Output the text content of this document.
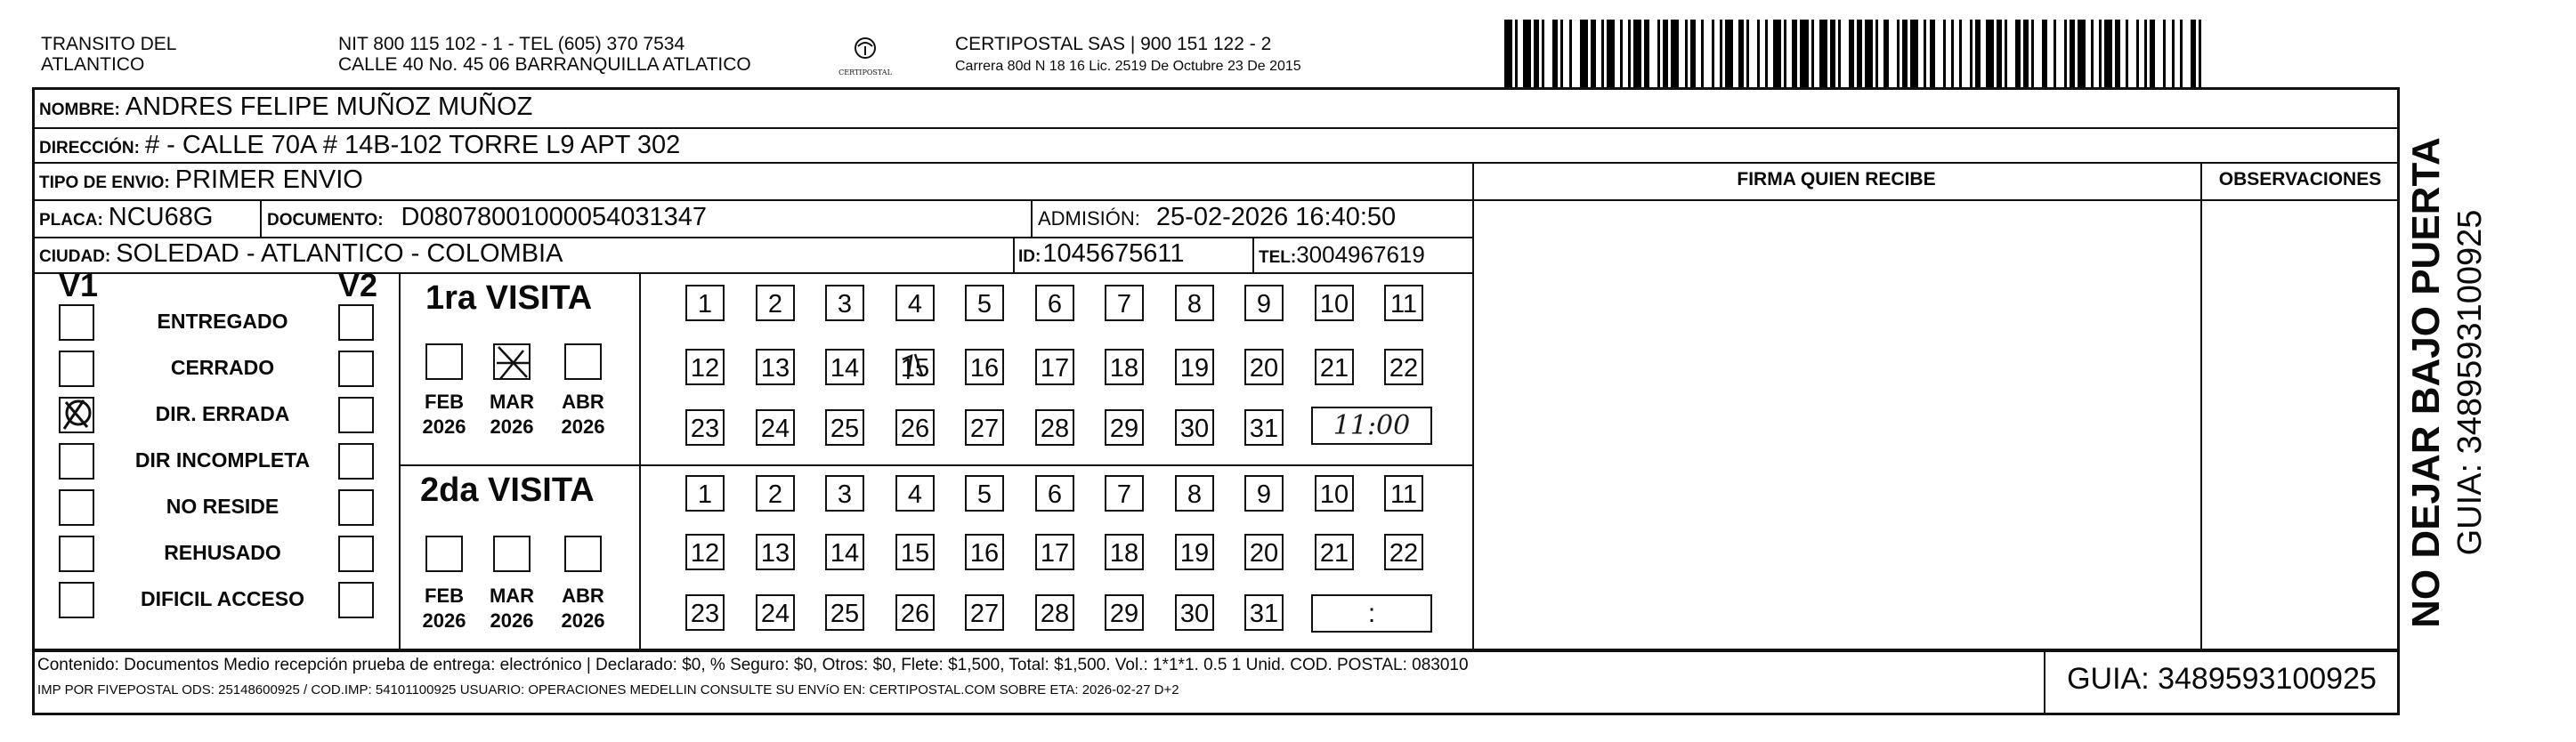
TRANSITO DEL
ATLANTICO
NIT 800 115 102 - 1 - TEL (605) 370 7534
CALLE 40 No. 45 06 BARRANQUILLA ATLATICO	CERTIPOSTAL
CERTIPOSTAL SAS | 900 151 122 - 2
Carrera 80d N 18 16 Lic. 2519 De Octubre 23 De 2015
NOMBRE: ANDRES FELIPE MUÑOZ MUÑOZ
DIRECCIÓN: # - CALLE 70A # 14B-102 TORRE L9 APT 302
TIPO DE ENVIO: PRIMER ENVIO
PLACA: NCU68G	DOCUMENTO: D08078001000054031347	ADMISIÓN: 25-02-2026 16:40:50
CIUDAD: SOLEDAD - ATLANTICO - COLOMBIA	ID: 1045675611	TEL: 3004967619
FIRMA QUIEN RECIBE	OBSERVACIONES
V1	V2
ENTREGADO
CERRADO
DIR. ERRADA
DIR INCOMPLETA
NO RESIDE
REHUSADO
DIFICIL ACCESO
1ra VISITA
FEB
2026
MAR
2026
ABR
2026
1	2	3	4	5	6	7	8	9	10 11
12 13 14 15 16 17 18 19 20 21 22
23 24 25 26 27 28 29 30 31	11:00
2da VISITA
FEB
2026
MAR
2026
ABR
2026
1	2	3	4	5	6	7	8	9	10 11
12 13 14 15 16 17 18 19 20 21 22
23 24 25 26 27 28 29 30 31	:
Contenido: Documentos Medio recepción prueba de entrega: electrónico | Declarado: $0, % Seguro: $0, Otros: $0, Flete: $1,500, Total: $1,500. Vol.: 1*1*1. 0.5 1 Unid. COD. POSTAL: 083010
IMP POR FIVEPOSTAL ODS: 25148600925 / COD.IMP: 54101100925 USUARIO: OPERACIONES MEDELLIN CONSULTE SU ENVíO EN: CERTIPOSTAL.COM SOBRE ETA: 2026-02-27 D+2	GUIA: 3489593100925
NO DEJAR BAJO PUERTA GUIA: 3489593100925
